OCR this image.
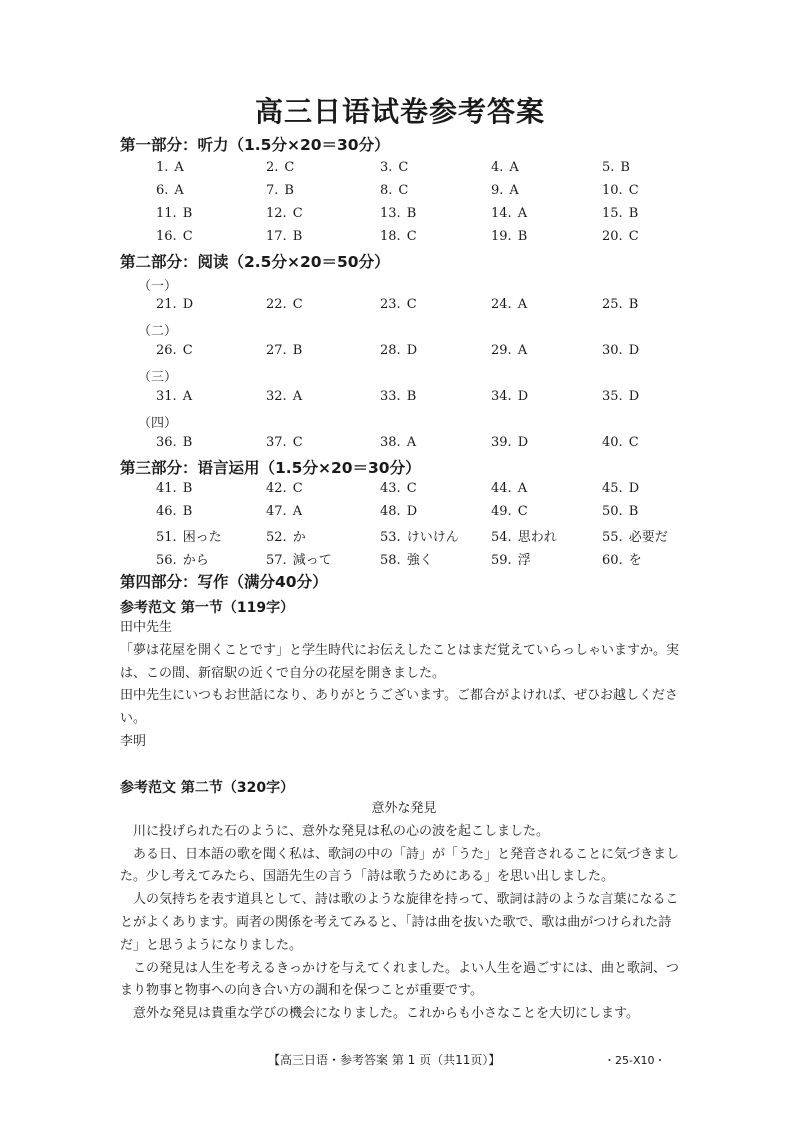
高三日语试卷参考答案
第一部分：听力（1.5分×20＝30分）
1. A	2. C	3. C	4. A	5. B
6. A	7. B	8. C	9. A	10. C
11. B	12. C	13. B	14. A	15. B
16. C	17. B	18. C	19. B	20. C
第二部分：阅读（2.5分×20＝50分）
（一）
21. D	22. C	23. C	24. A	25. B
（二）
26. C	27. B	28. D	29. A	30. D
（三）
31. A	32. A	33. B	34. D	35. D
（四）
36. B	37. C	38. A	39. D	40. C
第三部分：语言运用（1.5分×20＝30分）
41. B	42. C	43. C	44. A	45. D
46. B	47. A	48. D	49. C	50. B
51. 困った	52. か	53. けいけん 54. 思われ	55. 必要だ
56. から	57. 減って	58. 強く	59. 浮	60. を
第四部分：写作（满分40分）
参考范文 第一节（119字）

田中先生

「夢は花屋を開くことです」と学生時代にお伝えしたことはまだ覚えていらっしゃいますか。実は、この間、新宿駅の近くで自分の花屋を開きました。

田中先生にいつもお世話になり、ありがとうございます。ご都合がよければ、ぜひお越しください。

李明

参考范文 第二节（320字）

意外な発見

川に投げられた石のように、意外な発見は私の心の波を起こしました。

ある日、日本語の歌を聞く私は、歌詞の中の「詩」が「うた」と発音されることに気づきました。少し考えてみたら、国語先生の言う「詩は歌うためにある」を思い出しました。

人の気持ちを表す道具として、詩は歌のような旋律を持って、歌詞は詩のような言葉になることがよくあります。両者の関係を考えてみると、「詩は曲を抜いた歌で、歌は曲がつけられた詩だ」と思うようになりました。

この発見は人生を考えるきっかけを与えてくれました。よい人生を過ごすには、曲と歌詞、つまり物事と物事への向き合い方の調和を保つことが重要です。

意外な発見は貴重な学びの機会になりました。これからも小さなことを大切にします。

【高三日语・参考答案 第 1 页（共11页）】	・25-X10・
